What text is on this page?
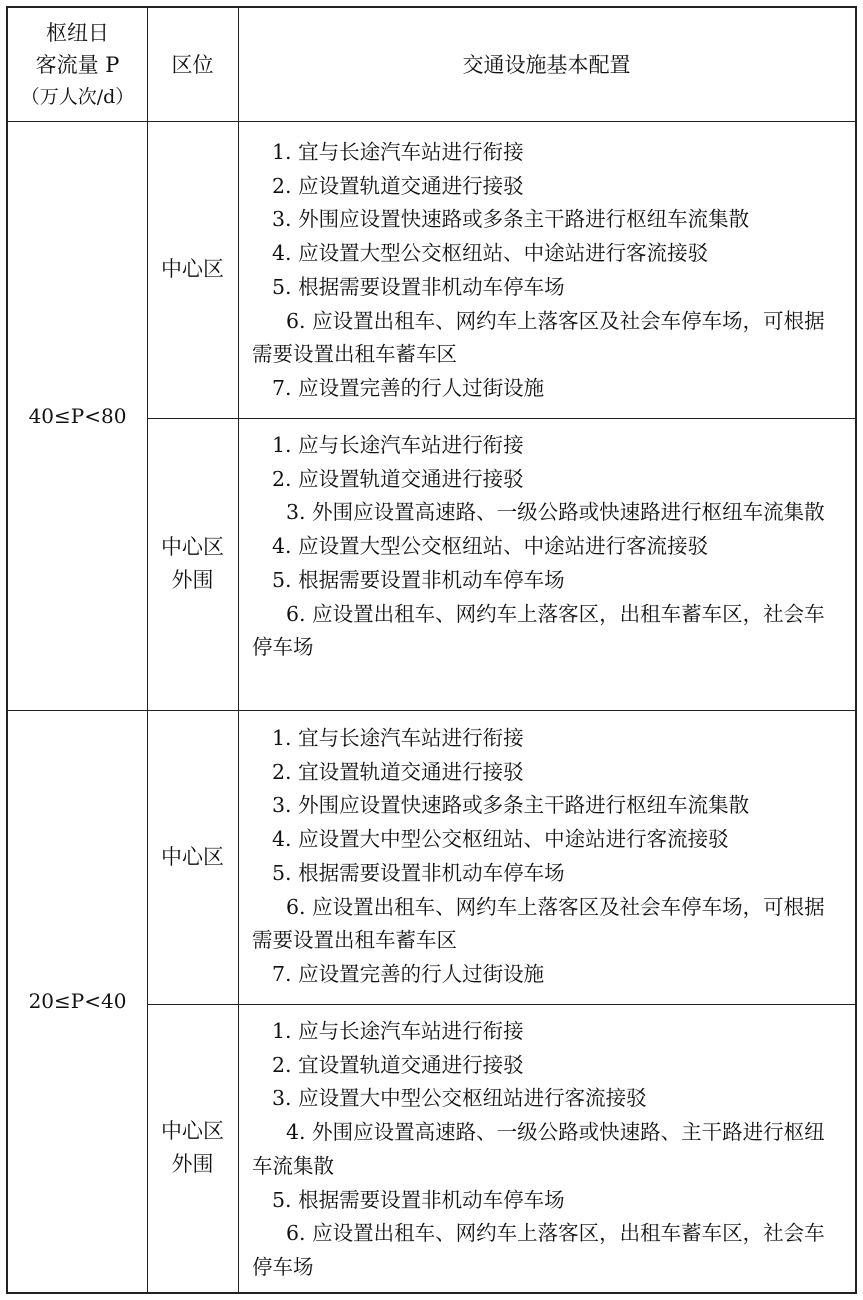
枢纽日
客流量 P
（万人次/d）
区位	交通设施基本配置
40≤P<80
中心区
1. 宜与长途汽车站进行衔接
2. 应设置轨道交通进行接驳
3. 外围应设置快速路或多条主干路进行枢纽车流集散
4. 应设置大型公交枢纽站、中途站进行客流接驳
5. 根据需要设置非机动车停车场
6. 应设置出租车、网约车上落客区及社会车停车场，可根据需要设置出租车蓄车区
7. 应设置完善的行人过街设施
中心区
外围
1. 应与长途汽车站进行衔接
2. 应设置轨道交通进行接驳
3. 外围应设置高速路、一级公路或快速路进行枢纽车流集散
4. 应设置大型公交枢纽站、中途站进行客流接驳
5. 根据需要设置非机动车停车场
6. 应设置出租车、网约车上落客区，出租车蓄车区，社会车停车场
20≤P<40
中心区
1. 宜与长途汽车站进行衔接
2. 宜设置轨道交通进行接驳
3. 外围应设置快速路或多条主干路进行枢纽车流集散
4. 应设置大中型公交枢纽站、中途站进行客流接驳
5. 根据需要设置非机动车停车场
6. 应设置出租车、网约车上落客区及社会车停车场，可根据需要设置出租车蓄车区
7. 应设置完善的行人过街设施
中心区
外围
1. 应与长途汽车站进行衔接
2. 宜设置轨道交通进行接驳
3. 应设置大中型公交枢纽站进行客流接驳
4. 外围应设置高速路、一级公路或快速路、主干路进行枢纽车流集散
5. 根据需要设置非机动车停车场
6. 应设置出租车、网约车上落客区，出租车蓄车区，社会车停车场
